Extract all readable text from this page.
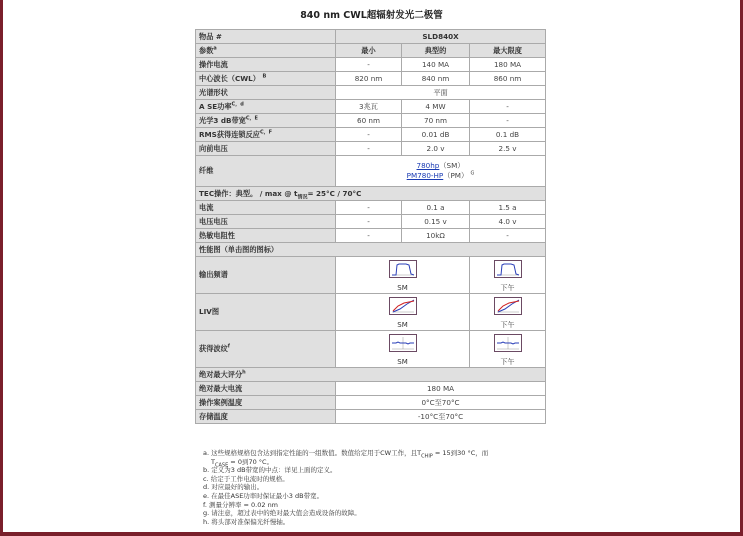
840 nm CWL超辐射发光二极管
物品 #	SLD840X		
参数$^a$	最小	典型的	最大限度
操作电流	-	140 MA	180 MA
中心波长（CWL） $^B$	820 nm	840 nm	860 nm
光谱形状	平面		
A SE功率$^{C,d}$	3兆瓦	4 MW	-
光学3 dB带宽$^{C,E}$	60 nm	70 nm	-
RMS获得连锁反应$^{C,F}$	-	0.01 dB	0.1 dB
向前电压	-	2.0 v	2.5 v
纤维	780hp（SM）
PM780-HP（PM） $^G$
TEC操作：典型。 / max @ $t_{情况}= 25^\circ C / 70^\circ C$			
电流	-	0.1 a	1.5 a
电压电压	-	0.15 v	4.0 v
热敏电阻性	-	10kΩ	-
性能图（单击图的图标）			
输出频谱	SM		下午

LIV图	SM		下午

获得波纹$^f$	SM		下午

绝对最大评分$^h$
绝对最大电流	180 MA		
操作案例温度	0°C至70°C		
存储温度	-10°C至70°C		
a. 这些规格规格包含达到指定性能的一组数值。数值给定用于CW工作，且$T_{CHIP} = 15$到30 °C，而
$T_{CASE} = 0$到70 °C。
b. 定义为3 dB带宽的中点：详见上面的定义。
c. 给定于工作电流时的规格。
d. 对应最好的输出。
e. 在最佳ASE功率时保证最小3 dB带宽。
f. 测量分辨率 = 0.02 nm
g. 请注意，超过表中的绝对最大值会造成设备的故障。
h. 将头部对准保偏光纤慢轴。
